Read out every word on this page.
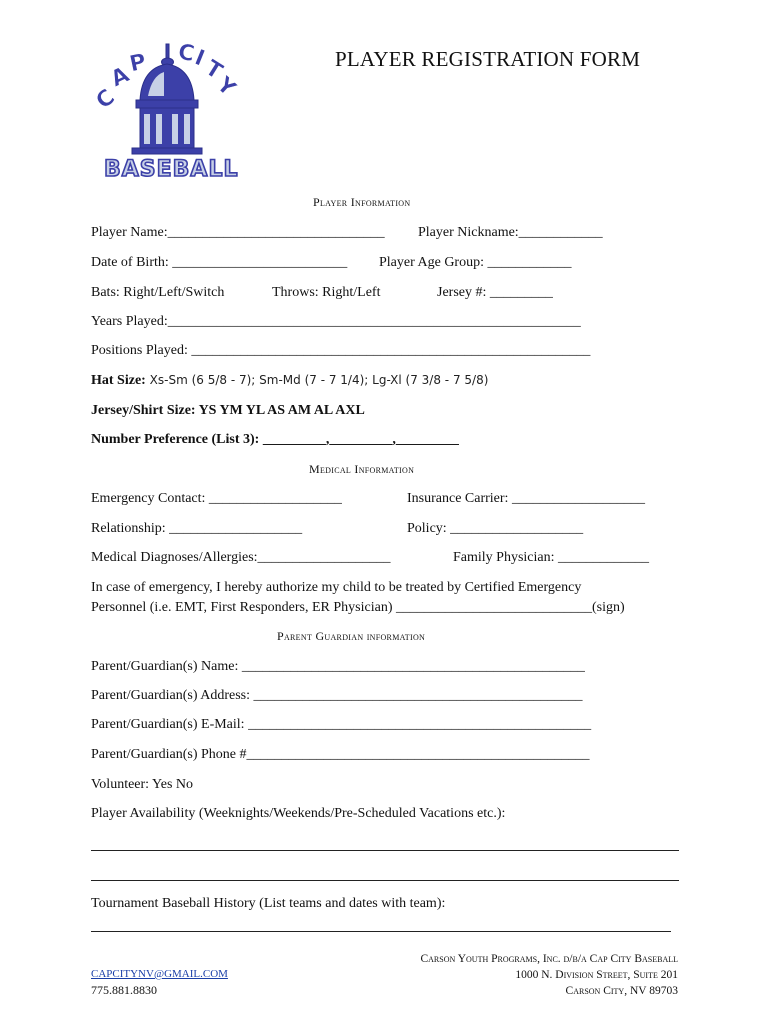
C
A
P C
I
T
Y
BASEBALL
PLAYER REGISTRATION FORM
Player Information
Player Name:_______________________________ Player Nickname:____________
Date of Birth: _________________________ Player Age Group: ____________
Bats: Right/Left/Switch	Throws: Right/Left	Jersey #: _________
Years Played:___________________________________________________________
Positions Played: _________________________________________________________
Hat Size: Xs-Sm (6 5/8 - 7); Sm-Md (7 - 7 1/4); Lg-Xl (7 3/8 - 7 5/8)
Jersey/Shirt Size: YS YM YL AS AM AL AXL
Number Preference (List 3): _________,_________,_________
Medical Information
Emergency Contact: ___________________	Insurance Carrier: ___________________
Relationship: ___________________	Policy: ___________________
Medical Diagnoses/Allergies:___________________	Family Physician: _____________
In case of emergency, I hereby authorize my child to be treated by Certified Emergency
Personnel (i.e. EMT, First Responders, ER Physician) ____________________________(sign)
Parent Guardian information
Parent/Guardian(s) Name: _________________________________________________
Parent/Guardian(s) Address: _______________________________________________
Parent/Guardian(s) E-Mail: _________________________________________________
Parent/Guardian(s) Phone #_________________________________________________
Volunteer: Yes No
Player Availability (Weeknights/Weekends/Pre-Scheduled Vacations etc.):
Tournament Baseball History (List teams and dates with team):
CAPCITYNV@GMAIL.COM
775.881.8830
Carson Youth Programs, Inc. d/b/a Cap City Baseball
1000 N. Division Street, Suite 201
Carson City, NV 89703
